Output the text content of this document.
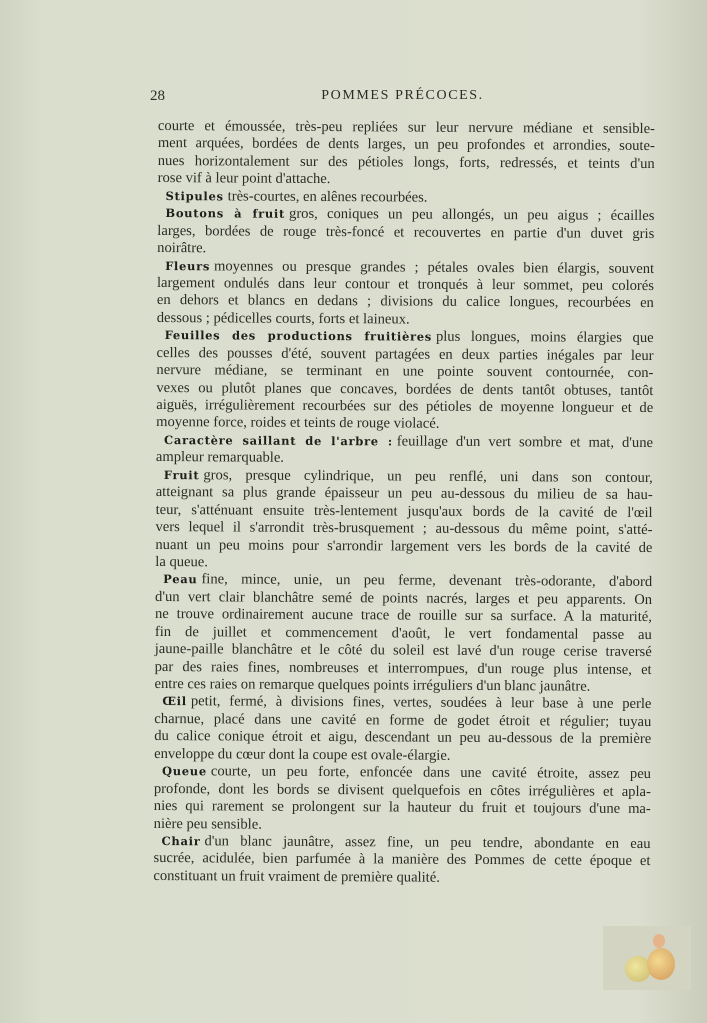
28	POMMES PRÉCOCES.
courte et émoussée, très-peu repliées sur leur nervure médiane et sensible-
ment arquées, bordées de dents larges, un peu profondes et arrondies, soute-
nues horizontalement sur des pétioles longs, forts, redressés, et teints d'un
rose vif à leur point d'attache.
Stipules très-courtes, en alênes recourbées.
Boutons à fruit gros, coniques un peu allongés, un peu aigus ; écailles
larges, bordées de rouge très-foncé et recouvertes en partie d'un duvet gris
noirâtre.
Fleurs moyennes ou presque grandes ; pétales ovales bien élargis, souvent
largement ondulés dans leur contour et tronqués à leur sommet, peu colorés
en dehors et blancs en dedans ; divisions du calice longues, recourbées en
dessous ; pédicelles courts, forts et laineux.
Feuilles des productions fruitières plus longues, moins élargies que
celles des pousses d'été, souvent partagées en deux parties inégales par leur
nervure médiane, se terminant en une pointe souvent contournée, con-
vexes ou plutôt planes que concaves, bordées de dents tantôt obtuses, tantôt
aiguës, irrégulièrement recourbées sur des pétioles de moyenne longueur et de
moyenne force, roides et teints de rouge violacé.
Caractère saillant de l'arbre : feuillage d'un vert sombre et mat, d'une
ampleur remarquable.
Fruit gros, presque cylindrique, un peu renflé, uni dans son contour,
atteignant sa plus grande épaisseur un peu au-dessous du milieu de sa hau-
teur, s'atténuant ensuite très-lentement jusqu'aux bords de la cavité de l'œil
vers lequel il s'arrondit très-brusquement ; au-dessous du même point, s'atté-
nuant un peu moins pour s'arrondir largement vers les bords de la cavité de
la queue.
Peau fine, mince, unie, un peu ferme, devenant très-odorante, d'abord
d'un vert clair blanchâtre semé de points nacrés, larges et peu apparents. On
ne trouve ordinairement aucune trace de rouille sur sa surface. A la maturité,
fin de juillet et commencement d'août, le vert fondamental passe au
jaune-paille blanchâtre et le côté du soleil est lavé d'un rouge cerise traversé
par des raies fines, nombreuses et interrompues, d'un rouge plus intense, et
entre ces raies on remarque quelques points irréguliers d'un blanc jaunâtre.
Œil petit, fermé, à divisions fines, vertes, soudées à leur base à une perle
charnue, placé dans une cavité en forme de godet étroit et régulier; tuyau
du calice conique étroit et aigu, descendant un peu au-dessous de la première
enveloppe du cœur dont la coupe est ovale-élargie.
Queue courte, un peu forte, enfoncée dans une cavité étroite, assez peu
profonde, dont les bords se divisent quelquefois en côtes irrégulières et apla-
nies qui rarement se prolongent sur la hauteur du fruit et toujours d'une ma-
nière peu sensible.
Chair d'un blanc jaunâtre, assez fine, un peu tendre, abondante en eau
sucrée, acidulée, bien parfumée à la manière des Pommes de cette époque et
constituant un fruit vraiment de première qualité.
